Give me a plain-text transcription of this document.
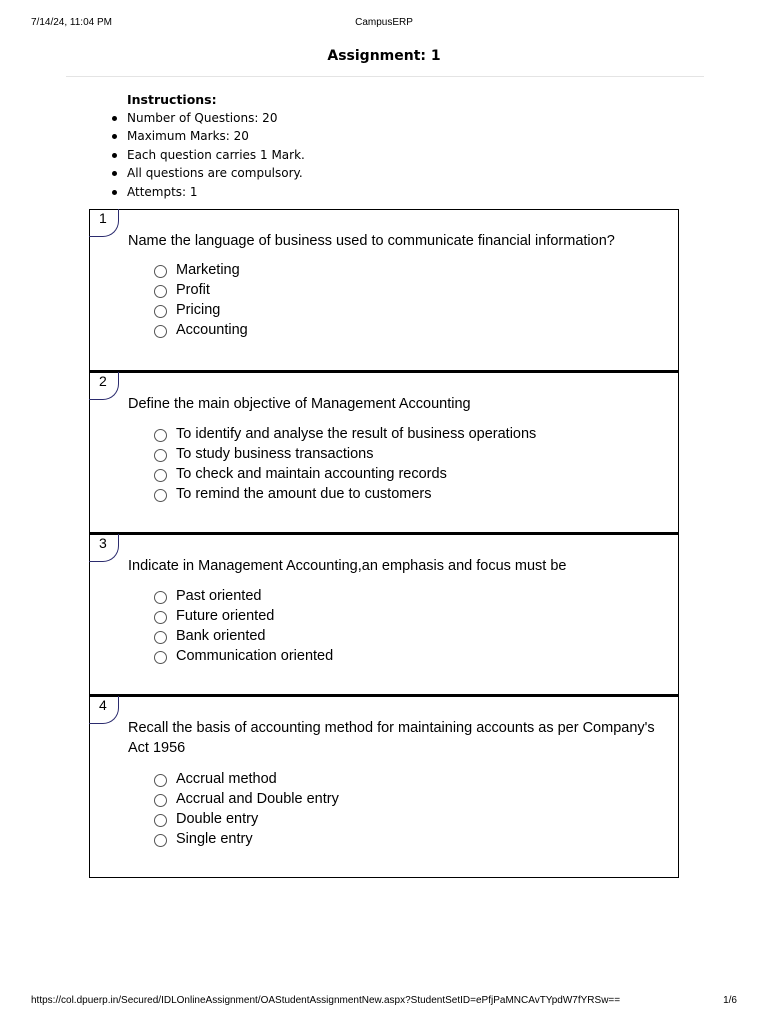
7/14/24, 11:04 PM	CampusERP
Assignment: 1
Instructions:
Number of Questions: 20
Maximum Marks: 20
Each question carries 1 Mark.
All questions are compulsory.
Attempts: 1
1
Name the language of business used to communicate financial information?
Marketing
Profit
Pricing
Accounting
2
Define the main objective of Management Accounting
To identify and analyse the result of business operations
To study business transactions
To check and maintain accounting records
To remind the amount due to customers
3
Indicate in Management Accounting,an emphasis and focus must be
Past oriented
Future oriented
Bank oriented
Communication oriented
4
Recall the basis of accounting method for maintaining accounts as per Company's Act 1956
Accrual method
Accrual and Double entry
Double entry
Single entry
https://col.dpuerp.in/Secured/IDLOnlineAssignment/OAStudentAssignmentNew.aspx?StudentSetID=ePfjPaMNCAvTYpdW7fYRSw==	1/6
